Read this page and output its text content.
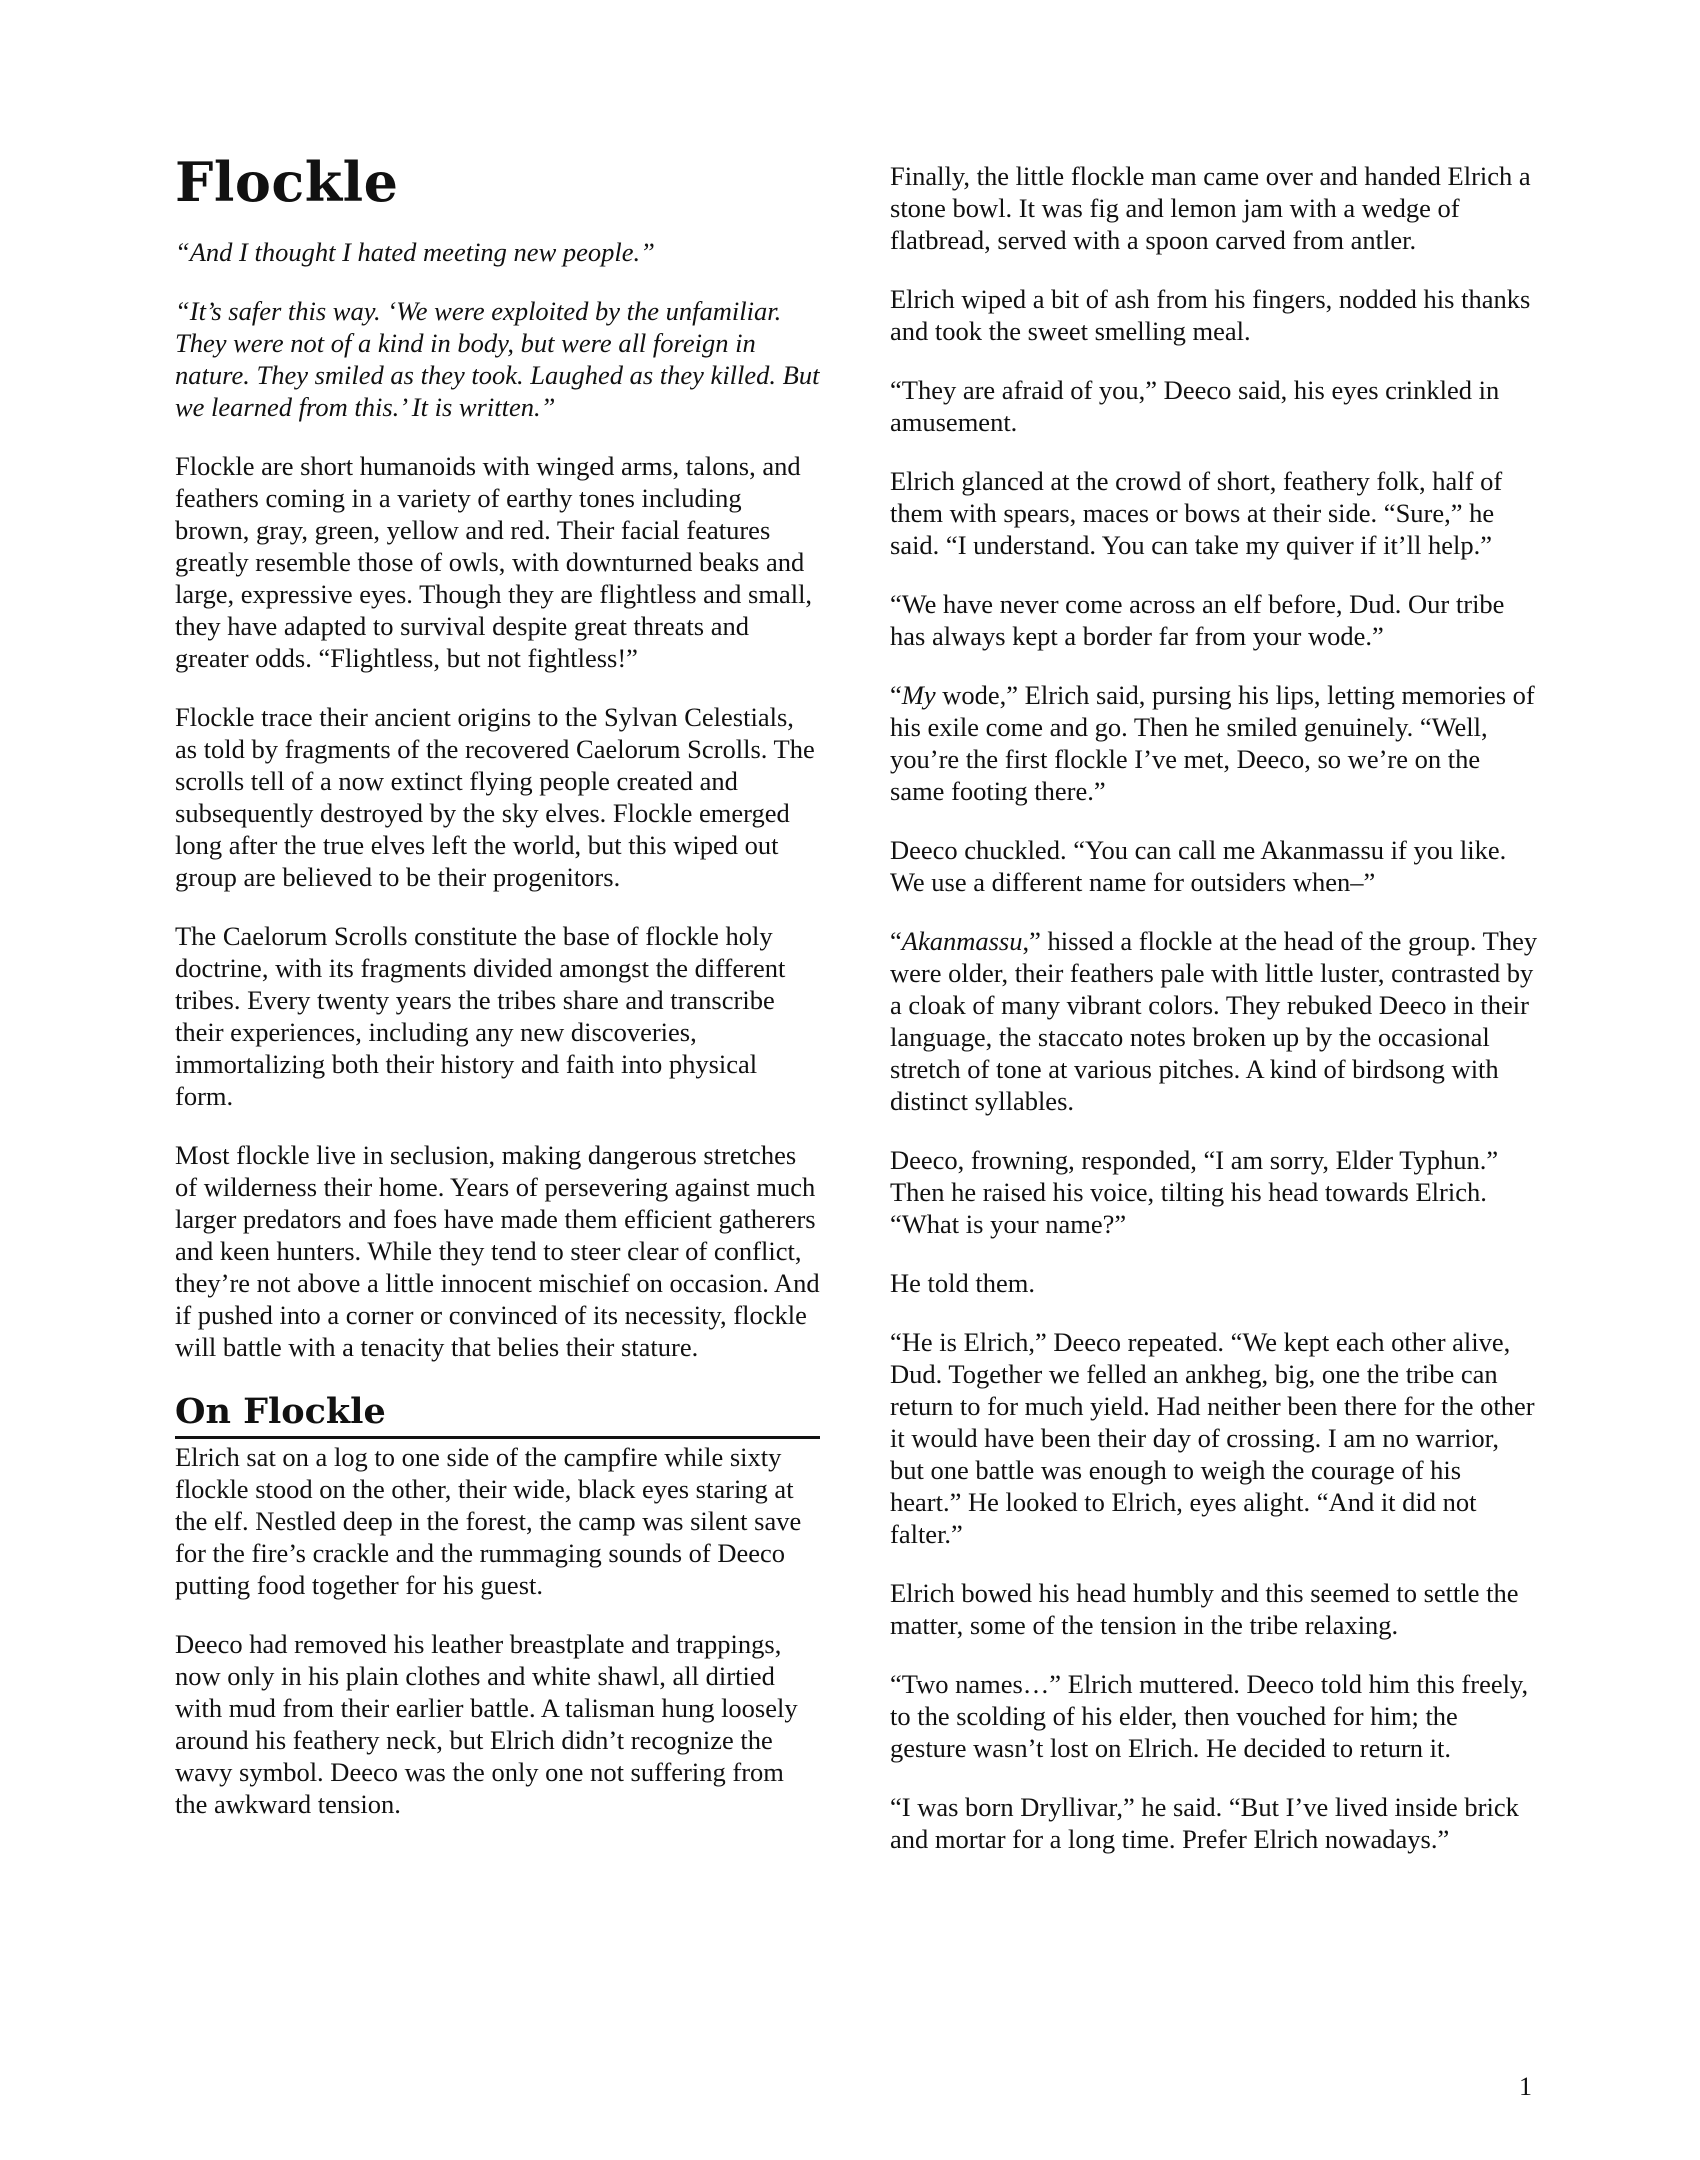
Flockle

“And I thought I hated meeting new people.”

“It’s safer this way. ‘We were exploited by the unfamiliar. They were not of a kind in body, but were all foreign in nature. They smiled as they took. Laughed as they killed. But we learned from this.’ It is written.”

Flockle are short humanoids with winged arms, talons, and feathers coming in a variety of earthy tones including brown, gray, green, yellow and red. Their facial features greatly resemble those of owls, with downturned beaks and large, expressive eyes. Though they are flightless and small, they have adapted to survival despite great threats and greater odds. “Flightless, but not fightless!”

Flockle trace their ancient origins to the Sylvan Celestials, as told by fragments of the recovered Caelorum Scrolls. The scrolls tell of a now extinct flying people created and subsequently destroyed by the sky elves. Flockle emerged long after the true elves left the world, but this wiped out group are believed to be their progenitors.

The Caelorum Scrolls constitute the base of flockle holy doctrine, with its fragments divided amongst the different tribes. Every twenty years the tribes share and transcribe their experiences, including any new discoveries, immortalizing both their history and faith into physical form.

Most flockle live in seclusion, making dangerous stretches of wilderness their home. Years of persevering against much larger predators and foes have made them efficient gatherers and keen hunters. While they tend to steer clear of conflict, they’re not above a little innocent mischief on occasion. And if pushed into a corner or convinced of its necessity, flockle will battle with a tenacity that belies their stature.

On Flockle

Elrich sat on a log to one side of the campfire while sixty flockle stood on the other, their wide, black eyes staring at the elf. Nestled deep in the forest, the camp was silent save for the fire’s crackle and the rummaging sounds of Deeco putting food together for his guest.

Deeco had removed his leather breastplate and trappings, now only in his plain clothes and white shawl, all dirtied with mud from their earlier battle. A talisman hung loosely around his feathery neck, but Elrich didn’t recognize the wavy symbol. Deeco was the only one not suffering from the awkward tension.

Finally, the little flockle man came over and handed Elrich a stone bowl. It was fig and lemon jam with a wedge of flatbread, served with a spoon carved from antler.

Elrich wiped a bit of ash from his fingers, nodded his thanks and took the sweet smelling meal.

“They are afraid of you,” Deeco said, his eyes crinkled in amusement.

Elrich glanced at the crowd of short, feathery folk, half of them with spears, maces or bows at their side. “Sure,” he said. “I understand. You can take my quiver if it’ll help.”

“We have never come across an elf before, Dud. Our tribe has always kept a border far from your wode.”

“My wode,” Elrich said, pursing his lips, letting memories of his exile come and go. Then he smiled genuinely. “Well, you’re the first flockle I’ve met, Deeco, so we’re on the same footing there.”

Deeco chuckled. “You can call me Akanmassu if you like. We use a different name for outsiders when–”

“Akanmassu,” hissed a flockle at the head of the group. They were older, their feathers pale with little luster, contrasted by a cloak of many vibrant colors. They rebuked Deeco in their language, the staccato notes broken up by the occasional stretch of tone at various pitches. A kind of birdsong with distinct syllables.

Deeco, frowning, responded, “I am sorry, Elder Typhun.” Then he raised his voice, tilting his head towards Elrich. “What is your name?”

He told them.

“He is Elrich,” Deeco repeated. “We kept each other alive, Dud. Together we felled an ankheg, big, one the tribe can return to for much yield. Had neither been there for the other it would have been their day of crossing. I am no warrior, but one battle was enough to weigh the courage of his heart.” He looked to Elrich, eyes alight. “And it did not falter.”

Elrich bowed his head humbly and this seemed to settle the matter, some of the tension in the tribe relaxing.

“Two names…” Elrich muttered. Deeco told him this freely, to the scolding of his elder, then vouched for him; the gesture wasn’t lost on Elrich. He decided to return it.

“I was born Dryllivar,” he said. “But I’ve lived inside brick and mortar for a long time. Prefer Elrich nowadays.”

1
